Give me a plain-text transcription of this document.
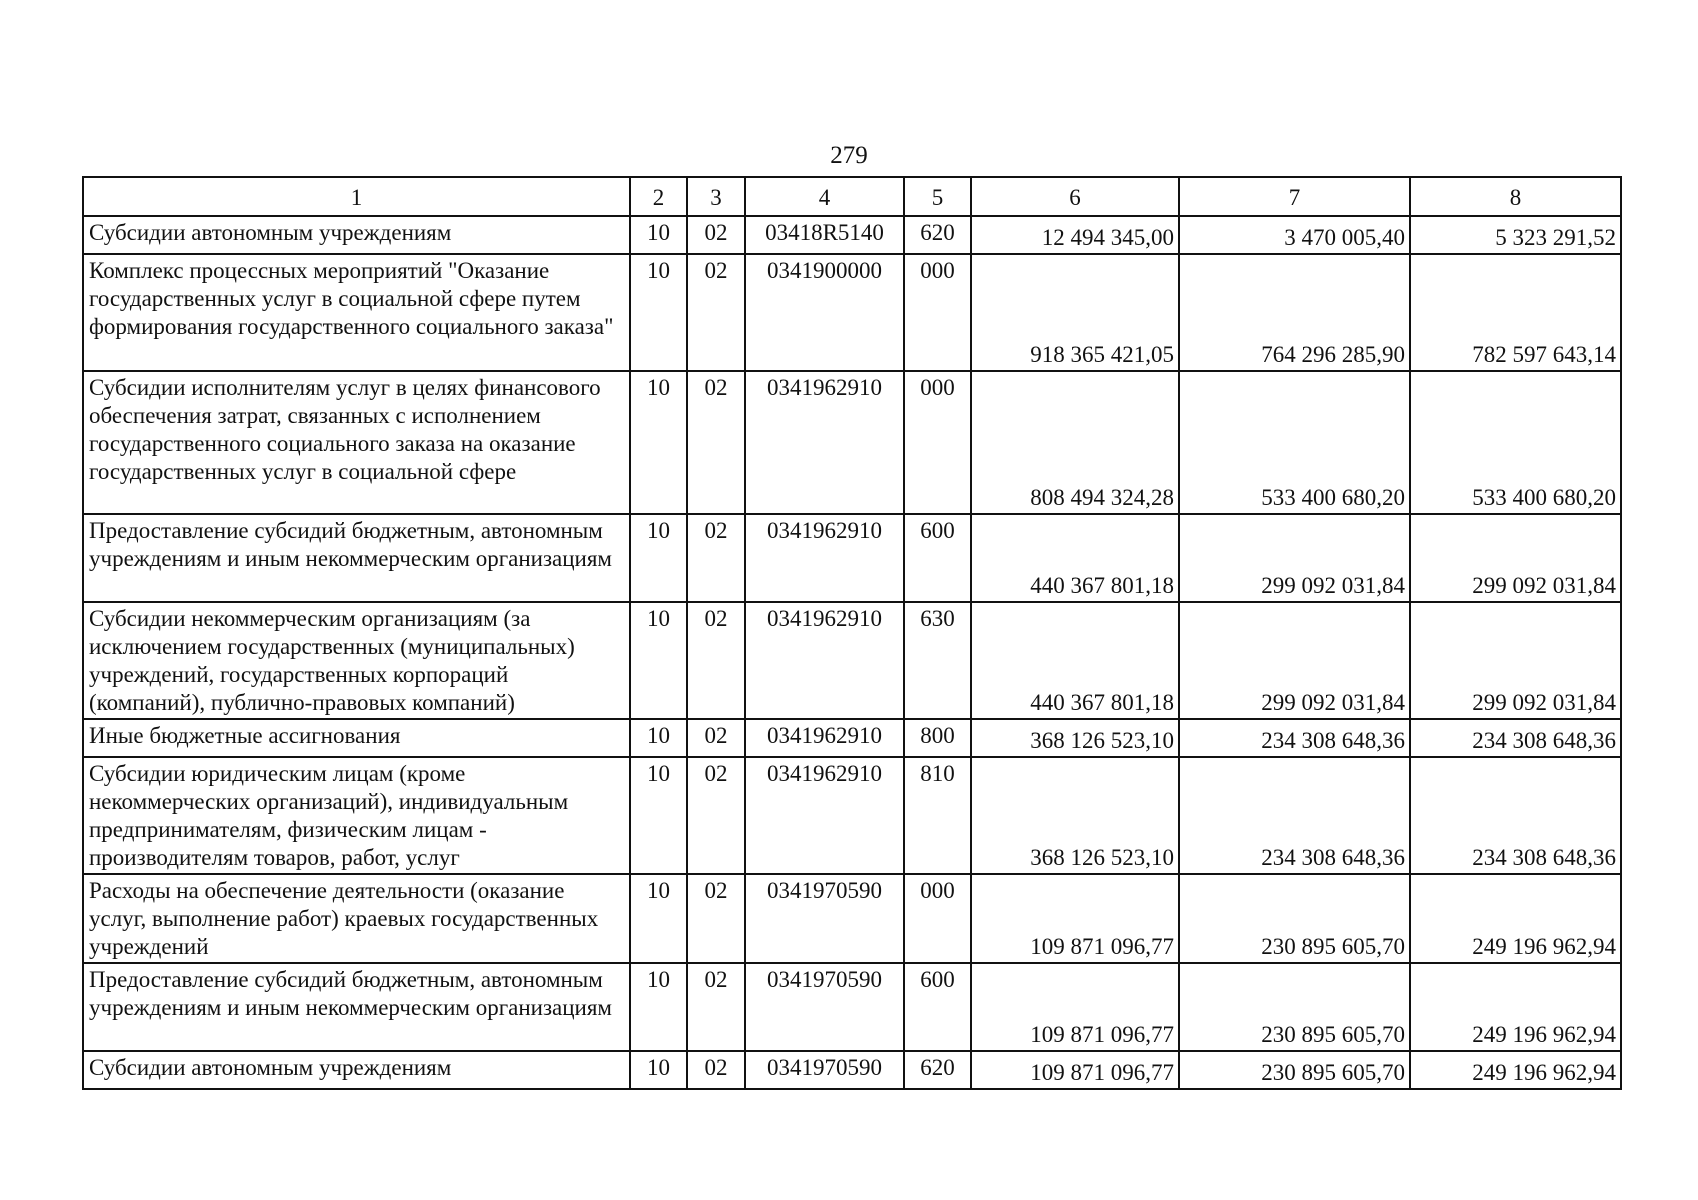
279
1	2	3	4	5	6	7	8
Субсидии автономным учреждениям	10	02	03418R5140	620	12 494 345,00	3 470 005,40	5 323 291,52
Комплекс процессных мероприятий "Оказание государственных услуг в социальной сфере путем формирования государственного социального заказа"	10	02	0341900000	000	918 365 421,05	764 296 285,90	782 597 643,14
Субсидии исполнителям услуг в целях финансового обеспечения затрат, связанных с исполнением государственного социального заказа на оказание государственных услуг в социальной сфере	10	02	0341962910	000	808 494 324,28	533 400 680,20	533 400 680,20
Предоставление субсидий бюджетным, автономным учреждениям и иным некоммерческим организациям	10	02	0341962910	600	440 367 801,18	299 092 031,84	299 092 031,84
Субсидии некоммерческим организациям (за исключением государственных (муниципальных) учреждений, государственных корпораций (компаний), публично-правовых компаний)	10	02	0341962910	630	440 367 801,18	299 092 031,84	299 092 031,84
Иные бюджетные ассигнования	10	02	0341962910	800	368 126 523,10	234 308 648,36	234 308 648,36
Субсидии юридическим лицам (кроме некоммерческих организаций), индивидуальным предпринимателям, физическим лицам - производителям товаров, работ, услуг	10	02	0341962910	810	368 126 523,10	234 308 648,36	234 308 648,36
Расходы на обеспечение деятельности (оказание услуг, выполнение работ) краевых государственных учреждений	10	02	0341970590	000	109 871 096,77	230 895 605,70	249 196 962,94
Предоставление субсидий бюджетным, автономным учреждениям и иным некоммерческим организациям	10	02	0341970590	600	109 871 096,77	230 895 605,70	249 196 962,94
Субсидии автономным учреждениям	10	02	0341970590	620	109 871 096,77	230 895 605,70	249 196 962,94
